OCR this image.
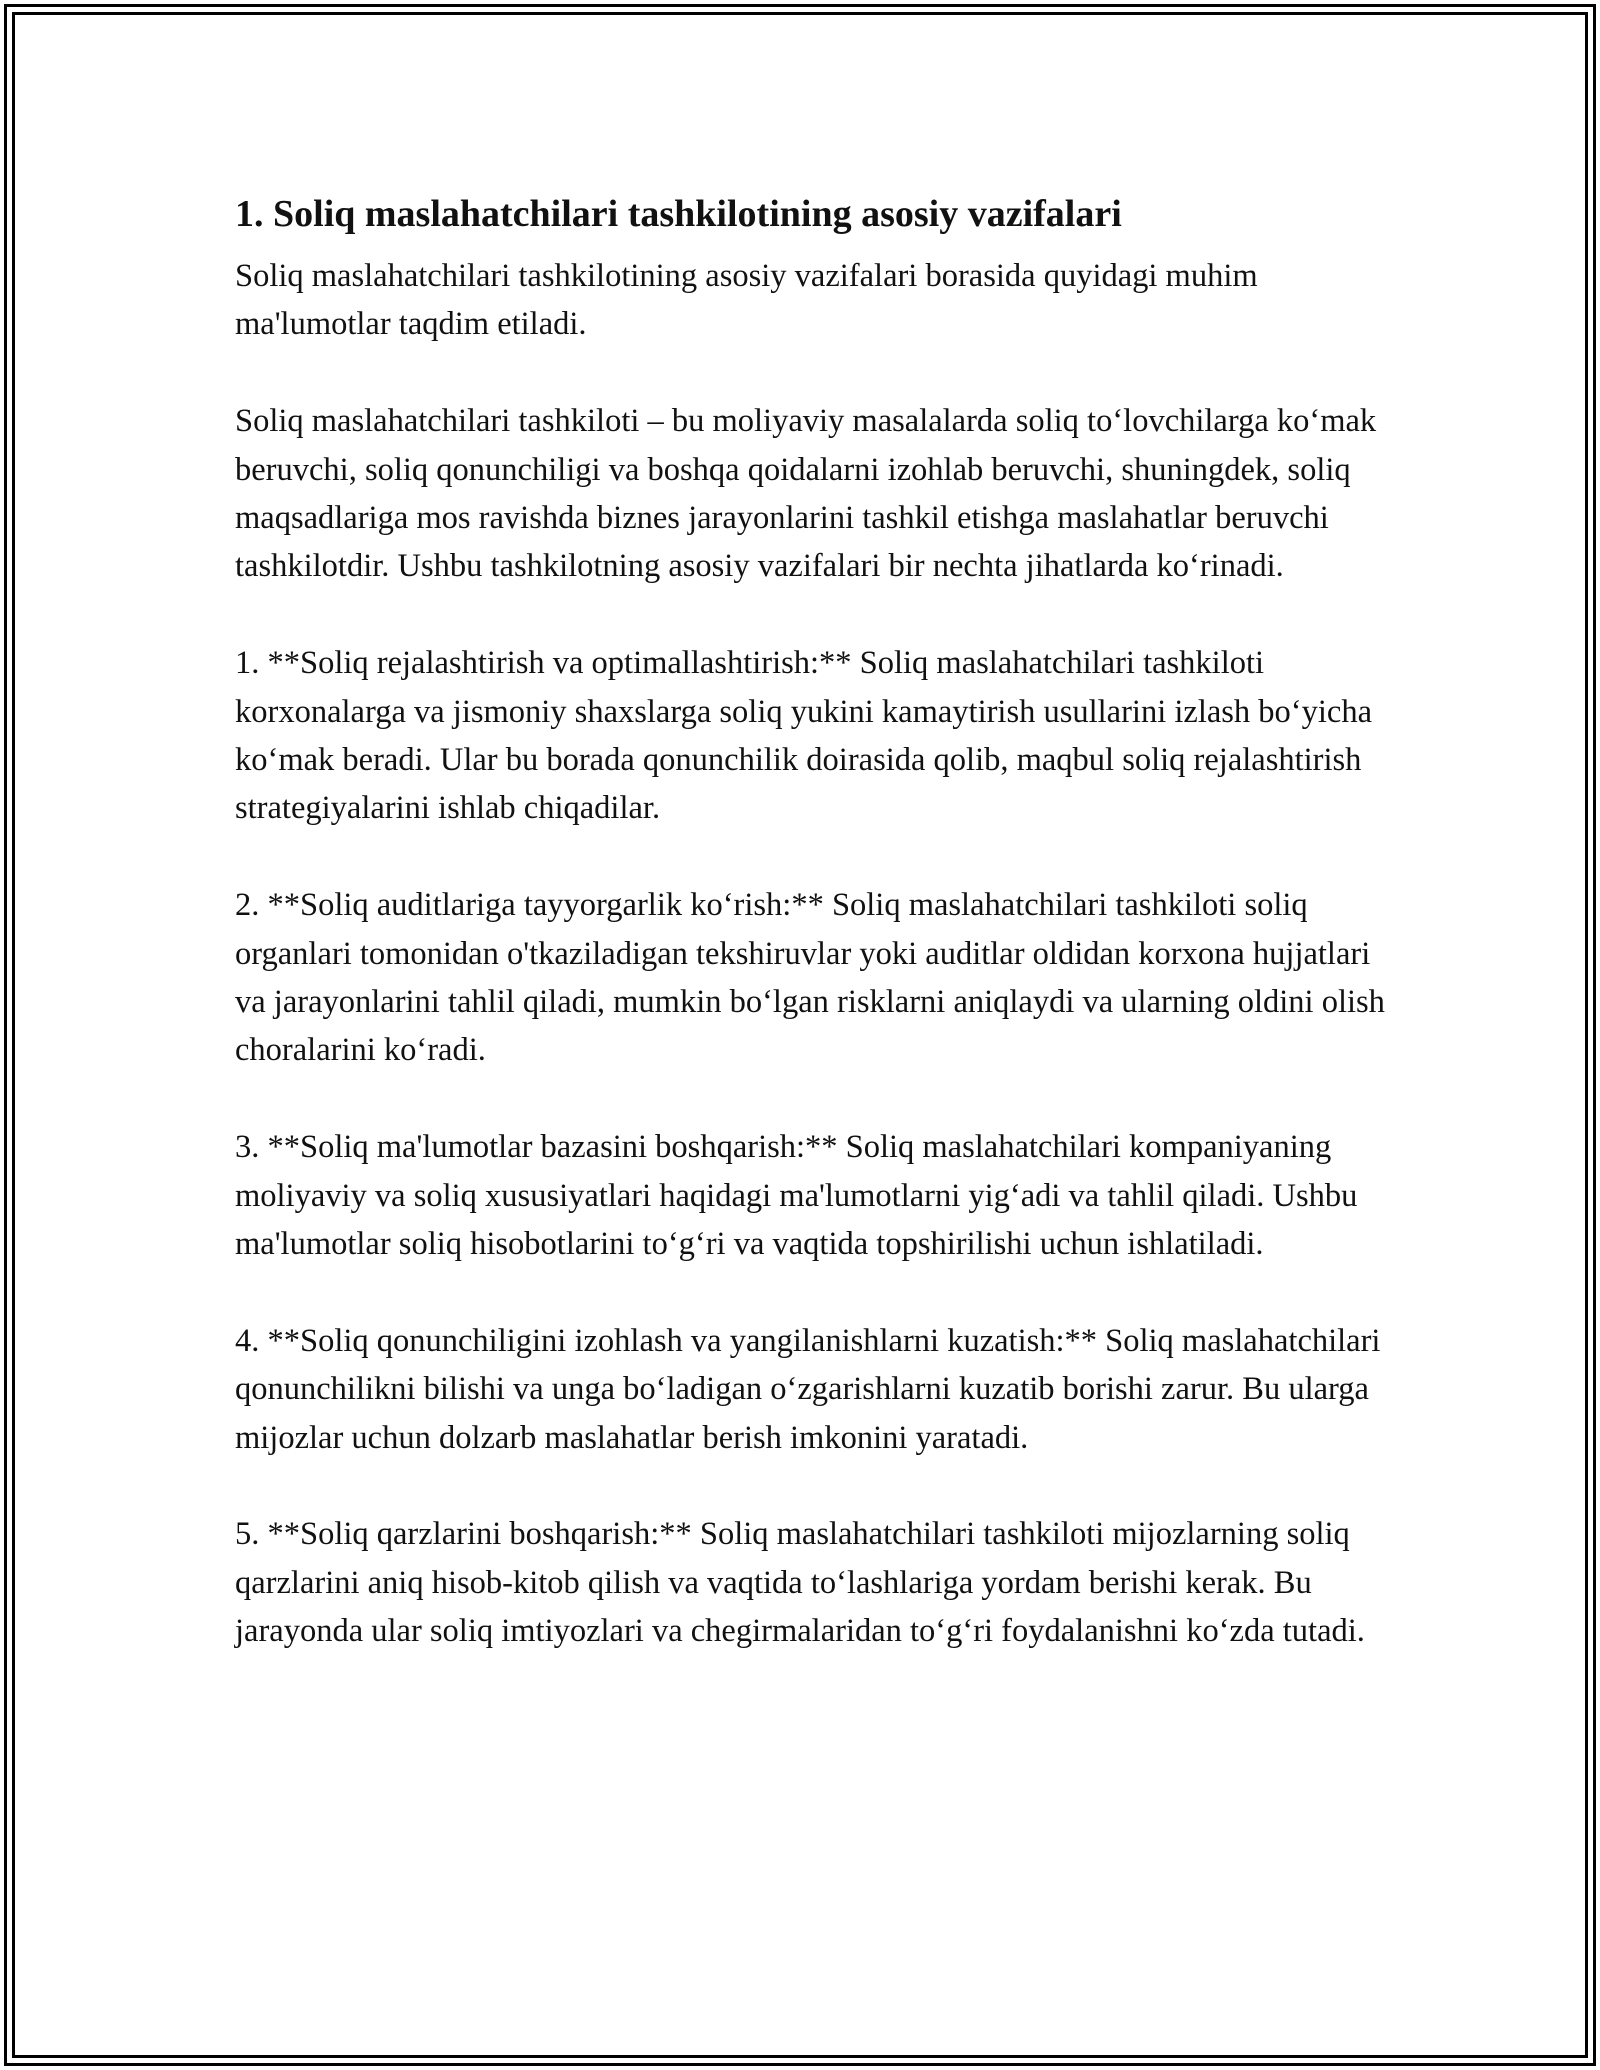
1. Soliq maslahatchilari tashkilotining asosiy vazifalari

Soliq maslahatchilari tashkilotining asosiy vazifalari borasida quyidagi muhim ma'lumotlar taqdim etiladi.

Soliq maslahatchilari tashkiloti – bu moliyaviy masalalarda soliq to‘lovchilarga ko‘mak beruvchi, soliq qonunchiligi va boshqa qoidalarni izohlab beruvchi, shuningdek, soliq maqsadlariga mos ravishda biznes jarayonlarini tashkil etishga maslahatlar beruvchi tashkilotdir. Ushbu tashkilotning asosiy vazifalari bir nechta jihatlarda ko‘rinadi.

1. **Soliq rejalashtirish va optimallashtirish:** Soliq maslahatchilari tashkiloti korxonalarga va jismoniy shaxslarga soliq yukini kamaytirish usullarini izlash bo‘yicha ko‘mak beradi. Ular bu borada qonunchilik doirasida qolib, maqbul soliq rejalashtirish strategiyalarini ishlab chiqadilar.

2. **Soliq auditlariga tayyorgarlik ko‘rish:** Soliq maslahatchilari tashkiloti soliq organlari tomonidan o'tkaziladigan tekshiruvlar yoki auditlar oldidan korxona hujjatlari va jarayonlarini tahlil qiladi, mumkin bo‘lgan risklarni aniqlaydi va ularning oldini olish choralarini ko‘radi.

3. **Soliq ma'lumotlar bazasini boshqarish:** Soliq maslahatchilari kompaniyaning moliyaviy va soliq xususiyatlari haqidagi ma'lumotlarni yig‘adi va tahlil qiladi. Ushbu ma'lumotlar soliq hisobotlarini to‘g‘ri va vaqtida topshirilishi uchun ishlatiladi.

4. **Soliq qonunchiligini izohlash va yangilanishlarni kuzatish:** Soliq maslahatchilari qonunchilikni bilishi va unga bo‘ladigan o‘zgarishlarni kuzatib borishi zarur. Bu ularga mijozlar uchun dolzarb maslahatlar berish imkonini yaratadi.

5. **Soliq qarzlarini boshqarish:** Soliq maslahatchilari tashkiloti mijozlarning soliq qarzlarini aniq hisob-kitob qilish va vaqtida to‘lashlariga yordam berishi kerak. Bu jarayonda ular soliq imtiyozlari va chegirmalaridan to‘g‘ri foydalanishni ko‘zda tutadi.
